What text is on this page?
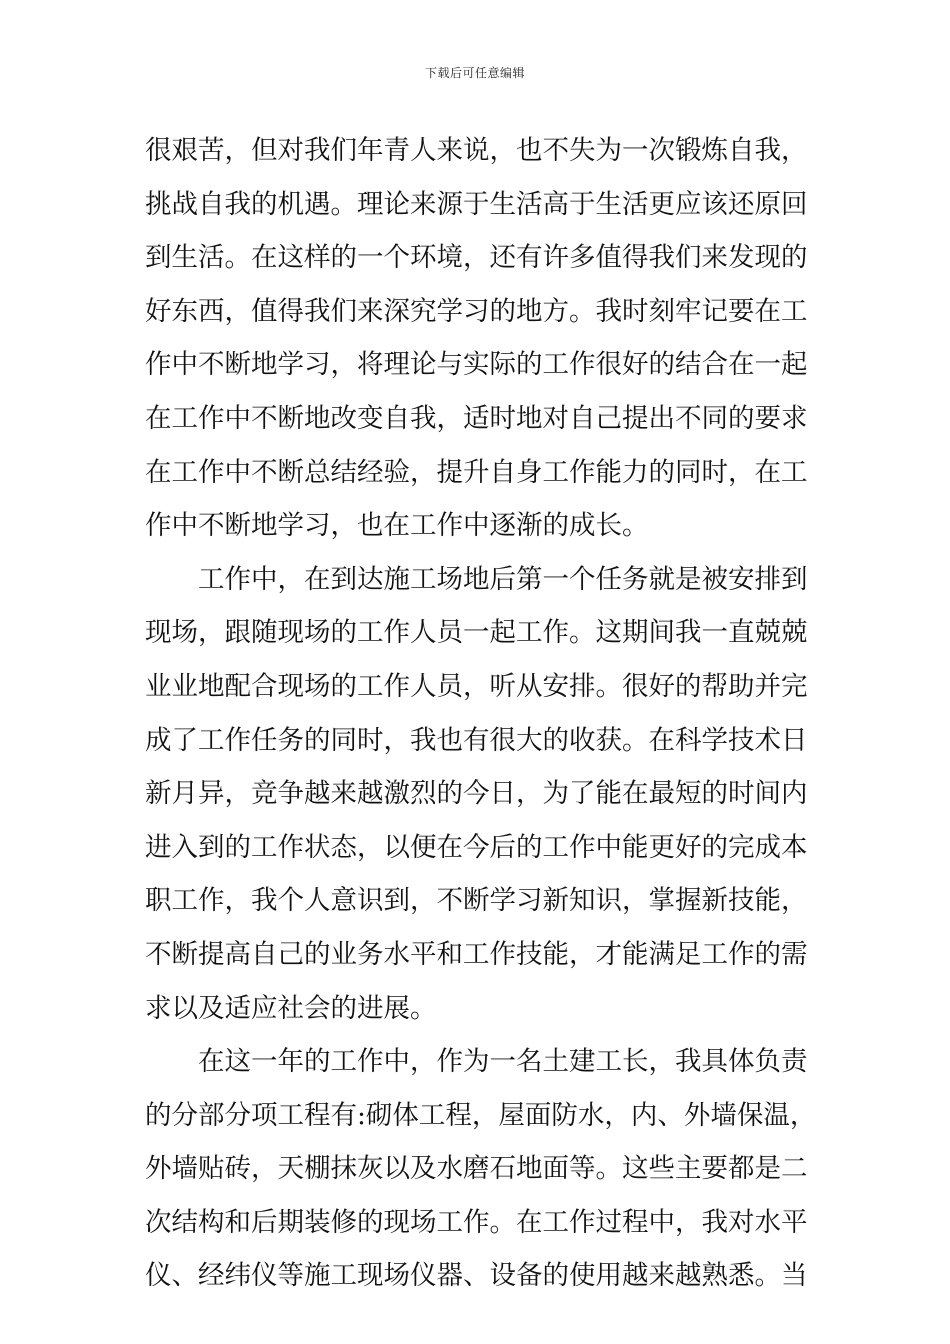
下载后可任意编辑
很艰苦，但对我们年青人来说，也不失为一次锻炼自我，
挑战自我的机遇。理论来源于生活高于生活更应该还原回
到生活。在这样的一个环境，还有许多值得我们来发现的
好东西，值得我们来深究学习的地方。我时刻牢记要在工
作中不断地学习，将理论与实际的工作很好的结合在一起
在工作中不断地改变自我，适时地对自己提出不同的要求
在工作中不断总结经验，提升自身工作能力的同时，在工
作中不断地学习，也在工作中逐渐的成长。
工作中，在到达施工场地后第一个任务就是被安排到
现场，跟随现场的工作人员一起工作。这期间我一直兢兢
业业地配合现场的工作人员，听从安排。很好的帮助并完
成了工作任务的同时，我也有很大的收获。在科学技术日
新月异，竞争越来越激烈的今日，为了能在最短的时间内
进入到的工作状态，以便在今后的工作中能更好的完成本
职工作，我个人意识到，不断学习新知识，掌握新技能，
不断提高自己的业务水平和工作技能，才能满足工作的需
求以及适应社会的进展。
在这一年的工作中，作为一名土建工长，我具体负责
的分部分项工程有:砌体工程，屋面防水，内、外墙保温，
外墙贴砖，天棚抹灰以及水磨石地面等。这些主要都是二
次结构和后期装修的现场工作。在工作过程中，我对水平
仪、经纬仪等施工现场仪器、设备的使用越来越熟悉。当
